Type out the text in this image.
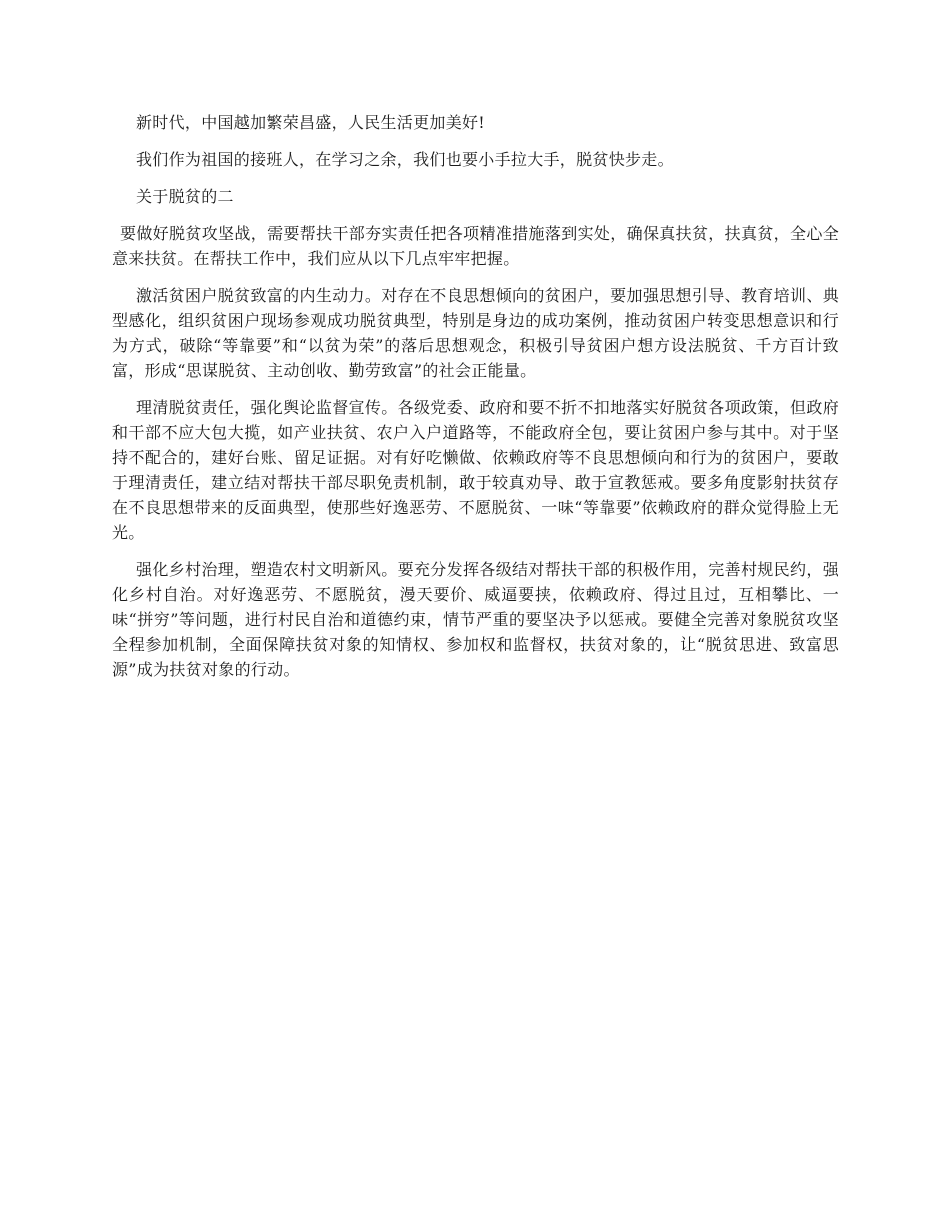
新时代，中国越加繁荣昌盛，人民生活更加美好!

我们作为祖国的接班人，在学习之余，我们也要小手拉大手，脱贫快步走。

关于脱贫的二

要做好脱贫攻坚战，需要帮扶干部夯实责任把各项精准措施落到实处，确保真扶贫，扶真贫，全心全意来扶贫。在帮扶工作中，我们应从以下几点牢牢把握。

激活贫困户脱贫致富的内生动力。对存在不良思想倾向的贫困户，要加强思想引导、教育培训、典型感化，组织贫困户现场参观成功脱贫典型，特别是身边的成功案例，推动贫困户转变思想意识和行为方式，破除“等靠要”和“以贫为荣”的落后思想观念，积极引导贫困户想方设法脱贫、千方百计致富，形成“思谋脱贫、主动创收、勤劳致富”的社会正能量。

理清脱贫责任，强化舆论监督宣传。各级党委、政府和要不折不扣地落实好脱贫各项政策，但政府和干部不应大包大揽，如产业扶贫、农户入户道路等，不能政府全包，要让贫困户参与其中。对于坚持不配合的，建好台账、留足证据。对有好吃懒做、依赖政府等不良思想倾向和行为的贫困户，要敢于理清责任，建立结对帮扶干部尽职免责机制，敢于较真劝导、敢于宣教惩戒。要多角度影射扶贫存在不良思想带来的反面典型，使那些好逸恶劳、不愿脱贫、一味“等靠要”依赖政府的群众觉得脸上无光。

强化乡村治理，塑造农村文明新风。要充分发挥各级结对帮扶干部的积极作用，完善村规民约，强化乡村自治。对好逸恶劳、不愿脱贫，漫天要价、威逼要挟，依赖政府、得过且过，互相攀比、一味“拼穷”等问题，进行村民自治和道德约束，情节严重的要坚决予以惩戒。要健全完善对象脱贫攻坚全程参加机制，全面保障扶贫对象的知情权、参加权和监督权，扶贫对象的，让“脱贫思进、致富思源”成为扶贫对象的行动。
